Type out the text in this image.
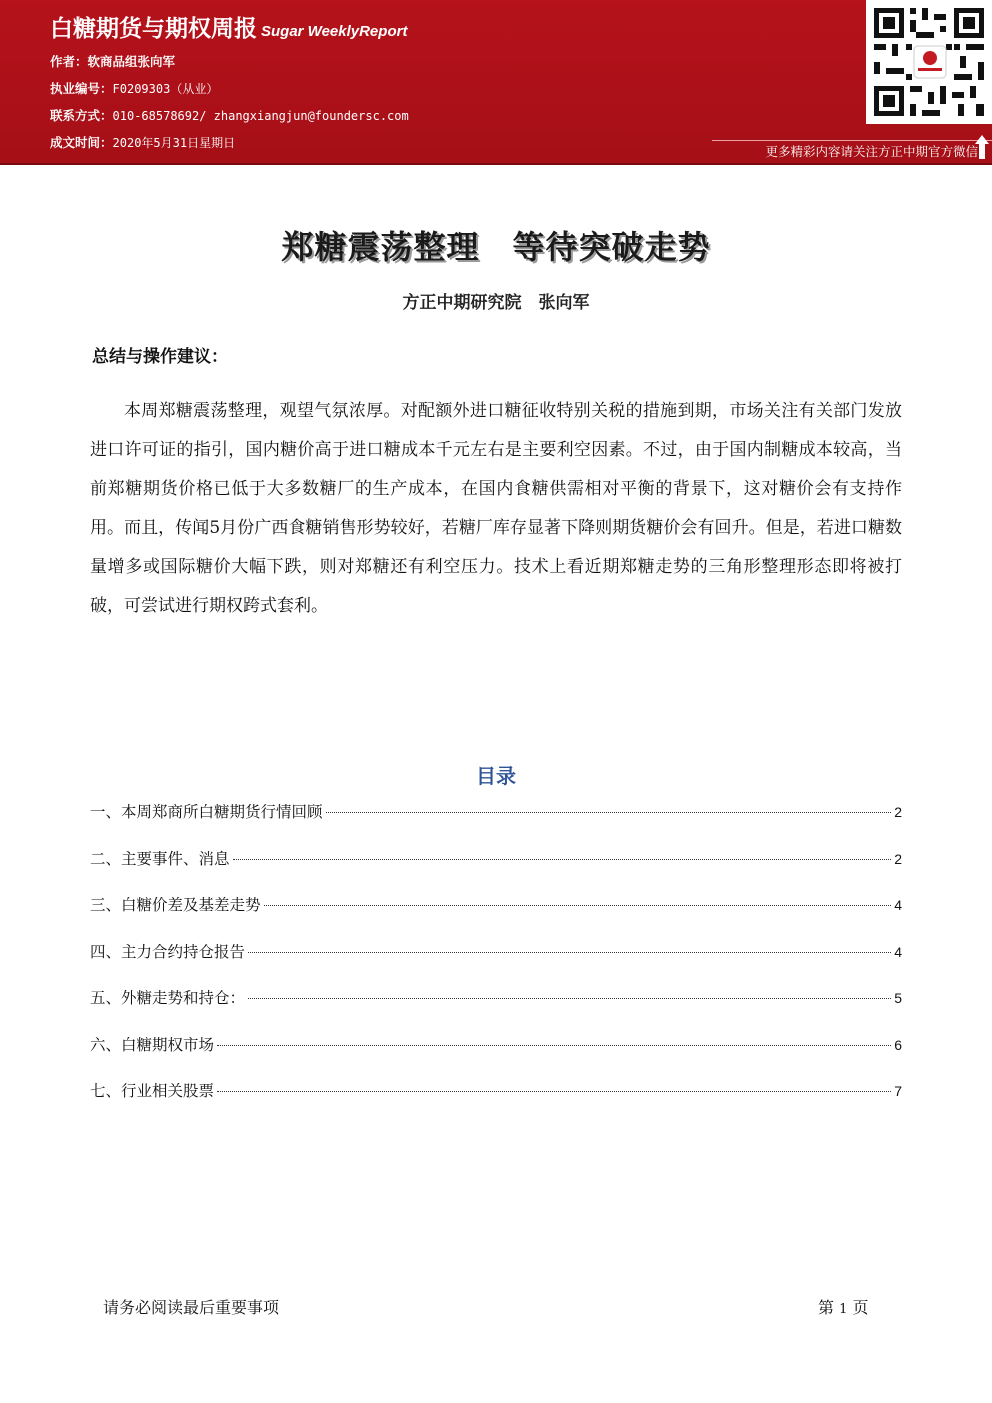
白糖期货与期权周报 Sugar WeeklyReport
作者：软商品组张向军
执业编号：F0209303（从业）
联系方式：010-68578692/ zhangxiangjun@foundersc.com
成文时间：2020年5月31日星期日
更多精彩内容请关注方正中期官方微信
郑糖震荡整理　等待突破走势
方正中期研究院　张向军
总结与操作建议：
本周郑糖震荡整理，观望气氛浓厚。对配额外进口糖征收特别关税的措施到期，市场关注有关部门发放进口许可证的指引，国内糖价高于进口糖成本千元左右是主要利空因素。不过，由于国内制糖成本较高，当前郑糖期货价格已低于大多数糖厂的生产成本，在国内食糖供需相对平衡的背景下，这对糖价会有支持作用。而且，传闻5月份广西食糖销售形势较好，若糖厂库存显著下降则期货糖价会有回升。但是，若进口糖数量增多或国际糖价大幅下跌，则对郑糖还有利空压力。技术上看近期郑糖走势的三角形整理形态即将被打破，可尝试进行期权跨式套利。
目录
一、本周郑商所白糖期货行情回顾	2
二、主要事件、消息	2
三、白糖价差及基差走势	4
四、主力合约持仓报告	4
五、外糖走势和持仓：	5
六、白糖期权市场	6
七、行业相关股票	7
请务必阅读最后重要事项	第 1 页
